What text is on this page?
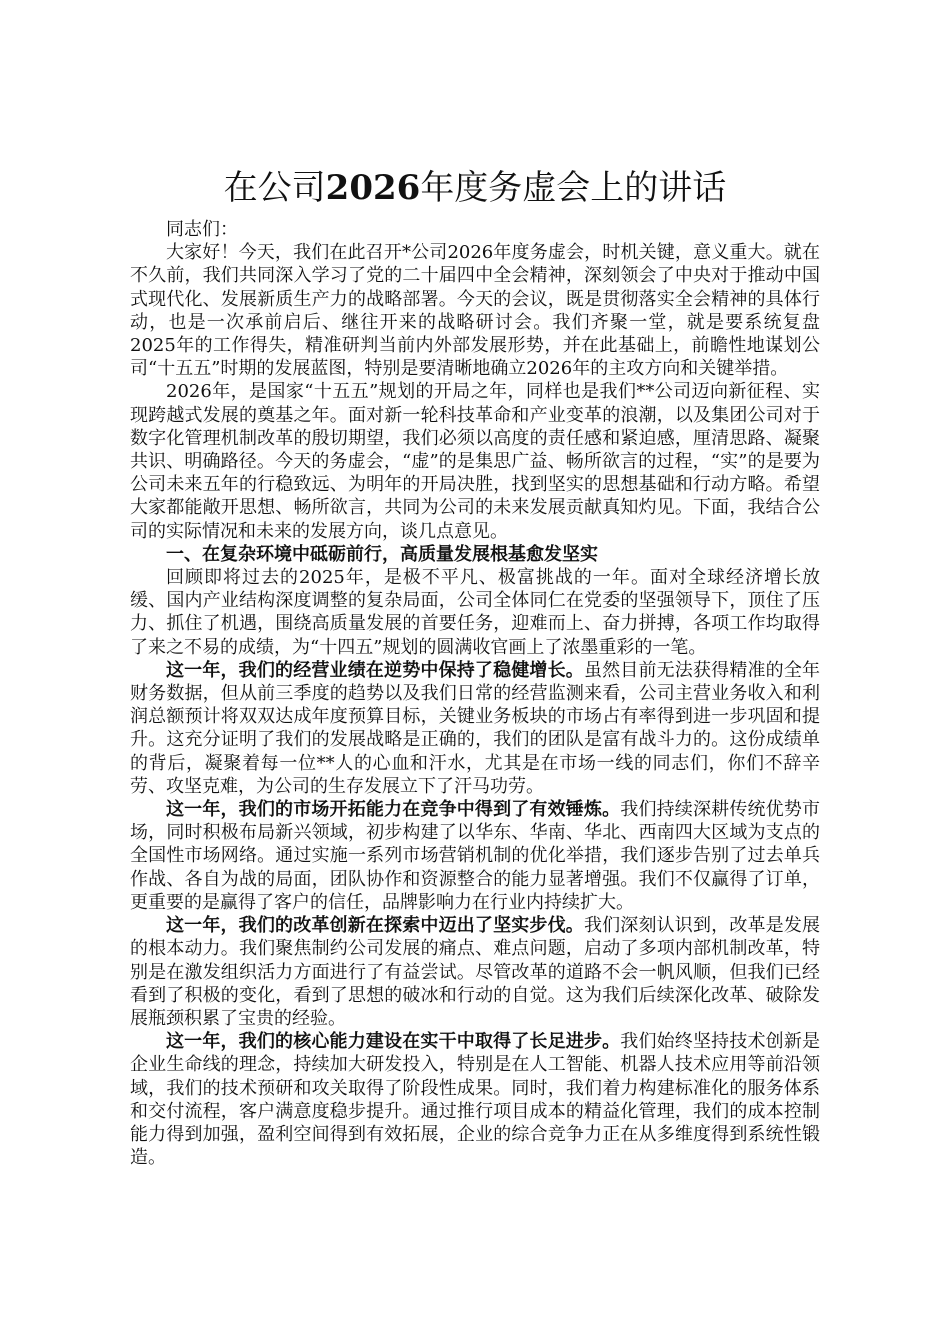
在公司2026年度务虚会上的讲话

同志们：

大家好！今天，我们在此召开*公司2026年度务虚会，时机关键，意义重大。就在不久前，我们共同深入学习了党的二十届四中全会精神，深刻领会了中央对于推动中国式现代化、发展新质生产力的战略部署。今天的会议，既是贯彻落实全会精神的具体行动，也是一次承前启后、继往开来的战略研讨会。我们齐聚一堂，就是要系统复盘2025年的工作得失，精准研判当前内外部发展形势，并在此基础上，前瞻性地谋划公司“十五五”时期的发展蓝图，特别是要清晰地确立2026年的主攻方向和关键举措。

2026年，是国家“十五五”规划的开局之年，同样也是我们**公司迈向新征程、实现跨越式发展的奠基之年。面对新一轮科技革命和产业变革的浪潮，以及集团公司对于数字化管理机制改革的殷切期望，我们必须以高度的责任感和紧迫感，厘清思路、凝聚共识、明确路径。今天的务虚会，“虚”的是集思广益、畅所欲言的过程，“实”的是要为公司未来五年的行稳致远、为明年的开局决胜，找到坚实的思想基础和行动方略。希望大家都能敞开思想、畅所欲言，共同为公司的未来发展贡献真知灼见。下面，我结合公司的实际情况和未来的发展方向，谈几点意见。

一、在复杂环境中砥砺前行，高质量发展根基愈发坚实

回顾即将过去的2025年，是极不平凡、极富挑战的一年。面对全球经济增长放缓、国内产业结构深度调整的复杂局面，公司全体同仁在党委的坚强领导下，顶住了压力、抓住了机遇，围绕高质量发展的首要任务，迎难而上、奋力拼搏，各项工作均取得了来之不易的成绩，为“十四五”规划的圆满收官画上了浓墨重彩的一笔。

这一年，我们的经营业绩在逆势中保持了稳健增长。虽然目前无法获得精准的全年财务数据，但从前三季度的趋势以及我们日常的经营监测来看，公司主营业务收入和利润总额预计将双双达成年度预算目标，关键业务板块的市场占有率得到进一步巩固和提升。这充分证明了我们的发展战略是正确的，我们的团队是富有战斗力的。这份成绩单的背后，凝聚着每一位**人的心血和汗水，尤其是在市场一线的同志们，你们不辞辛劳、攻坚克难，为公司的生存发展立下了汗马功劳。

这一年，我们的市场开拓能力在竞争中得到了有效锤炼。我们持续深耕传统优势市场，同时积极布局新兴领域，初步构建了以华东、华南、华北、西南四大区域为支点的全国性市场网络。通过实施一系列市场营销机制的优化举措，我们逐步告别了过去单兵作战、各自为战的局面，团队协作和资源整合的能力显著增强。我们不仅赢得了订单，更重要的是赢得了客户的信任，品牌影响力在行业内持续扩大。

这一年，我们的改革创新在探索中迈出了坚实步伐。我们深刻认识到，改革是发展的根本动力。我们聚焦制约公司发展的痛点、难点问题，启动了多项内部机制改革，特别是在激发组织活力方面进行了有益尝试。尽管改革的道路不会一帆风顺，但我们已经看到了积极的变化，看到了思想的破冰和行动的自觉。这为我们后续深化改革、破除发展瓶颈积累了宝贵的经验。

这一年，我们的核心能力建设在实干中取得了长足进步。我们始终坚持技术创新是企业生命线的理念，持续加大研发投入，特别是在人工智能、机器人技术应用等前沿领域，我们的技术预研和攻关取得了阶段性成果。同时，我们着力构建标准化的服务体系和交付流程，客户满意度稳步提升。通过推行项目成本的精益化管理，我们的成本控制能力得到加强，盈利空间得到有效拓展，企业的综合竞争力正在从多维度得到系统性锻造。
